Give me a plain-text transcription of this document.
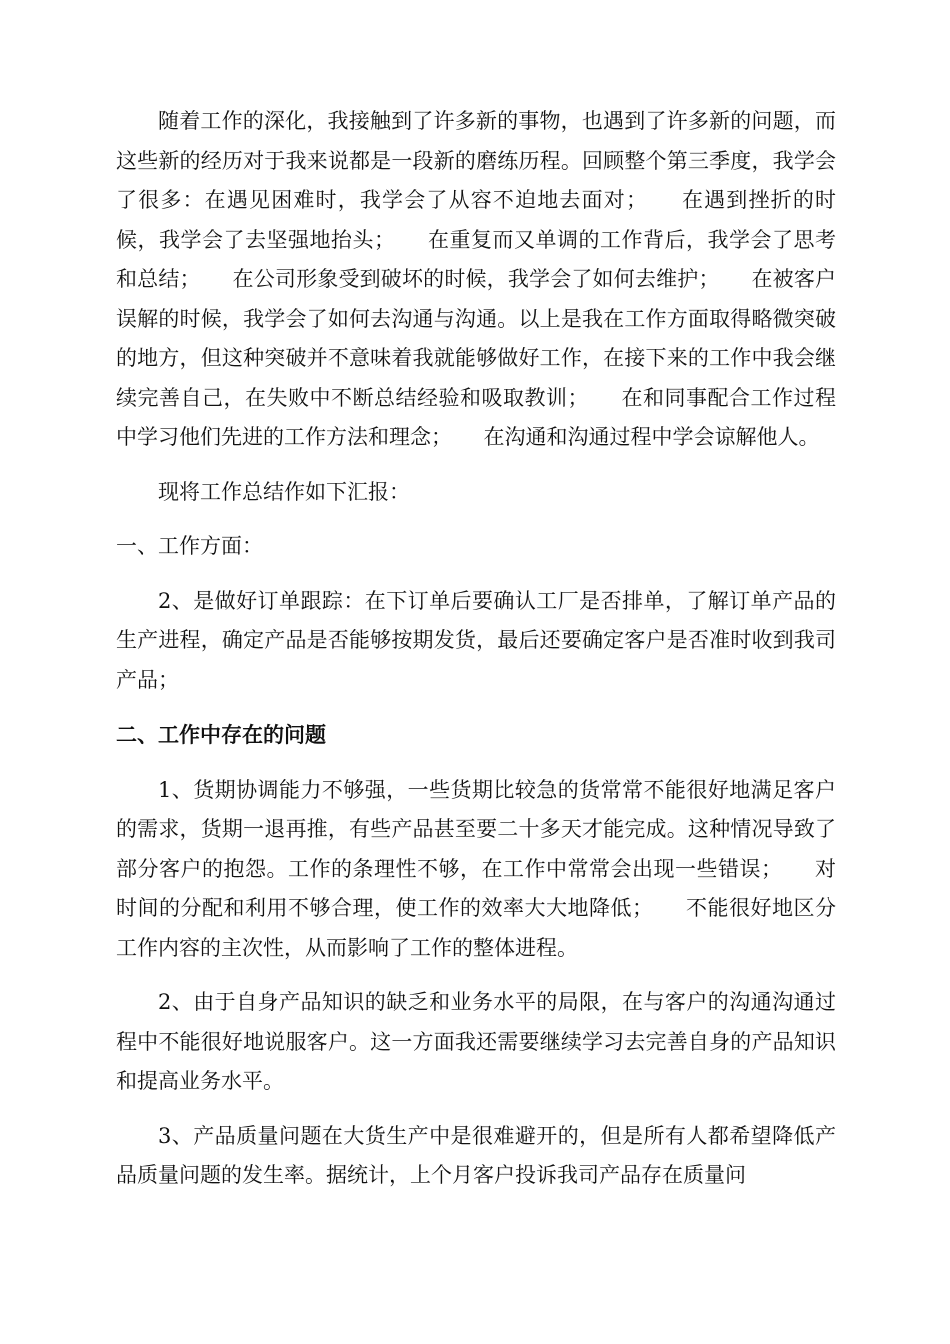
随着工作的深化，我接触到了许多新的事物，也遇到了许多新的问题，而这些新的经历对于我来说都是一段新的磨练历程。回顾整个第三季度，我学会了很多：在遇见困难时，我学会了从容不迫地去面对；　　在遇到挫折的时候，我学会了去坚强地抬头；　　在重复而又单调的工作背后，我学会了思考和总结；　　在公司形象受到破坏的时候，我学会了如何去维护；　　在被客户误解的时候，我学会了如何去沟通与沟通。以上是我在工作方面取得略微突破的地方，但这种突破并不意味着我就能够做好工作，在接下来的工作中我会继续完善自己，在失败中不断总结经验和吸取教训；　　在和同事配合工作过程中学习他们先进的工作方法和理念；　　在沟通和沟通过程中学会谅解他人。

现将工作总结作如下汇报：

一、工作方面：

2、是做好订单跟踪：在下订单后要确认工厂是否排单，了解订单产品的生产进程，确定产品是否能够按期发货，最后还要确定客户是否准时收到我司产品；

二、工作中存在的问题

1、货期协调能力不够强，一些货期比较急的货常常不能很好地满足客户的需求，货期一退再推，有些产品甚至要二十多天才能完成。这种情况导致了部分客户的抱怨。工作的条理性不够，在工作中常常会出现一些错误；　　对时间的分配和利用不够合理，使工作的效率大大地降低；　　不能很好地区分工作内容的主次性，从而影响了工作的整体进程。

2、由于自身产品知识的缺乏和业务水平的局限，在与客户的沟通沟通过程中不能很好地说服客户。这一方面我还需要继续学习去完善自身的产品知识和提高业务水平。

3、产品质量问题在大货生产中是很难避开的，但是所有人都希望降低产品质量问题的发生率。据统计，上个月客户投诉我司产品存在质量问
